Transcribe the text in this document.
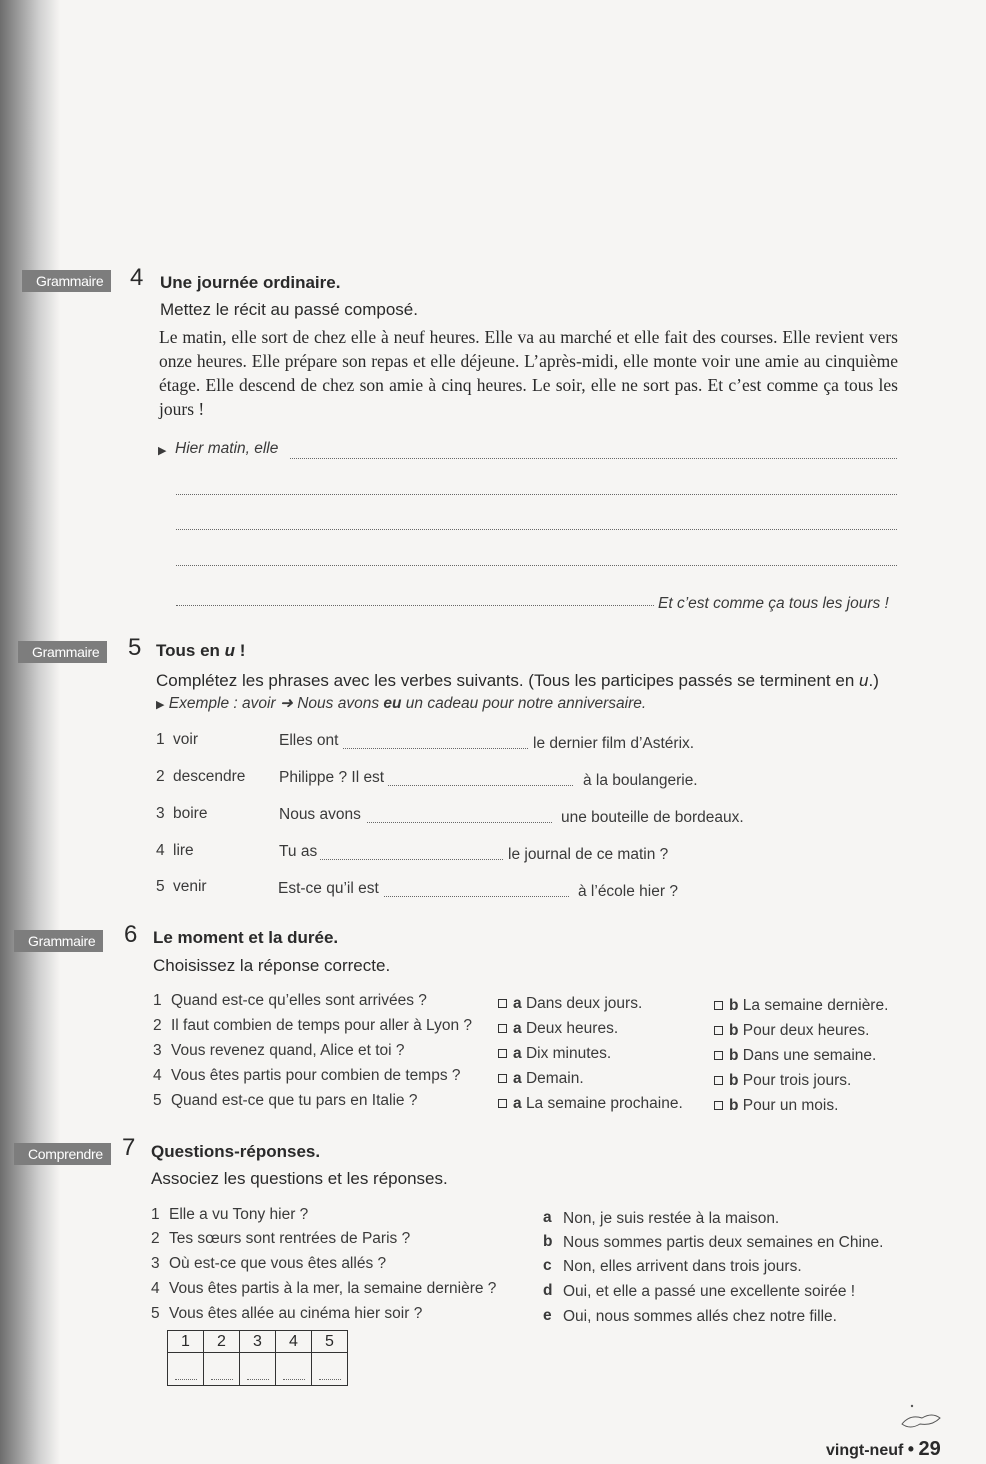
Grammaire	4 Une journée ordinaire.
Mettez le récit au passé composé.
Le matin, elle sort de chez elle à neuf heures. Elle va au marché et elle fait des courses. Elle revient vers onze heures. Elle prépare son repas et elle déjeune. L’après-midi, elle monte voir une amie au cinquième étage. Elle descend de chez son amie à cinq heures. Le soir, elle ne sort pas. Et c’est comme ça tous les jours !
▶ Hier matin, elle
Et c’est comme ça tous les jours !
Grammaire	5 Tous en u !
Complétez les phrases avec les verbes suivants. (Tous les participes passés se terminent en u.)
▶ Exemple : avoir ➜ Nous avons eu un cadeau pour notre anniversaire.
1 voir	Elles ont	le dernier film d’Astérix.
2 descendre Philippe ? Il est	à la boulangerie.
3 boire	Nous avons	une bouteille de bordeaux.
4 lire	Tu as	le journal de ce matin ?
5 venir	Est-ce qu’il est	à l’école hier ?
Grammaire	6 Le moment et la durée.
Choisissez la réponse correcte.
1 Quand est-ce qu’elles sont arrivées ?	a Dans deux jours.	b La semaine dernière.
2 Il faut combien de temps pour aller à Lyon ?	a Deux heures.	b Pour deux heures.
3 Vous revenez quand, Alice et toi ?	a Dix minutes.	b Dans une semaine.
4 Vous êtes partis pour combien de temps ?	a Demain.	b Pour trois jours.
5 Quand est-ce que tu pars en Italie ?	a La semaine prochaine.	b Pour un mois.
Comprendre 7 Questions-réponses.
Associez les questions et les réponses.
1 Elle a vu Tony hier ?
2 Tes sœurs sont rentrées de Paris ?
3 Où est-ce que vous êtes allés ?
4 Vous êtes partis à la mer, la semaine dernière ?
5 Vous êtes allée au cinéma hier soir ?
a Non, je suis restée à la maison.
b Nous sommes partis deux semaines en Chine.
c Non, elles arrivent dans trois jours.
d Oui, et elle a passé une excellente soirée !
e Oui, nous sommes allés chez notre fille.
1	2	3	4	5

vingt-neuf • 29
